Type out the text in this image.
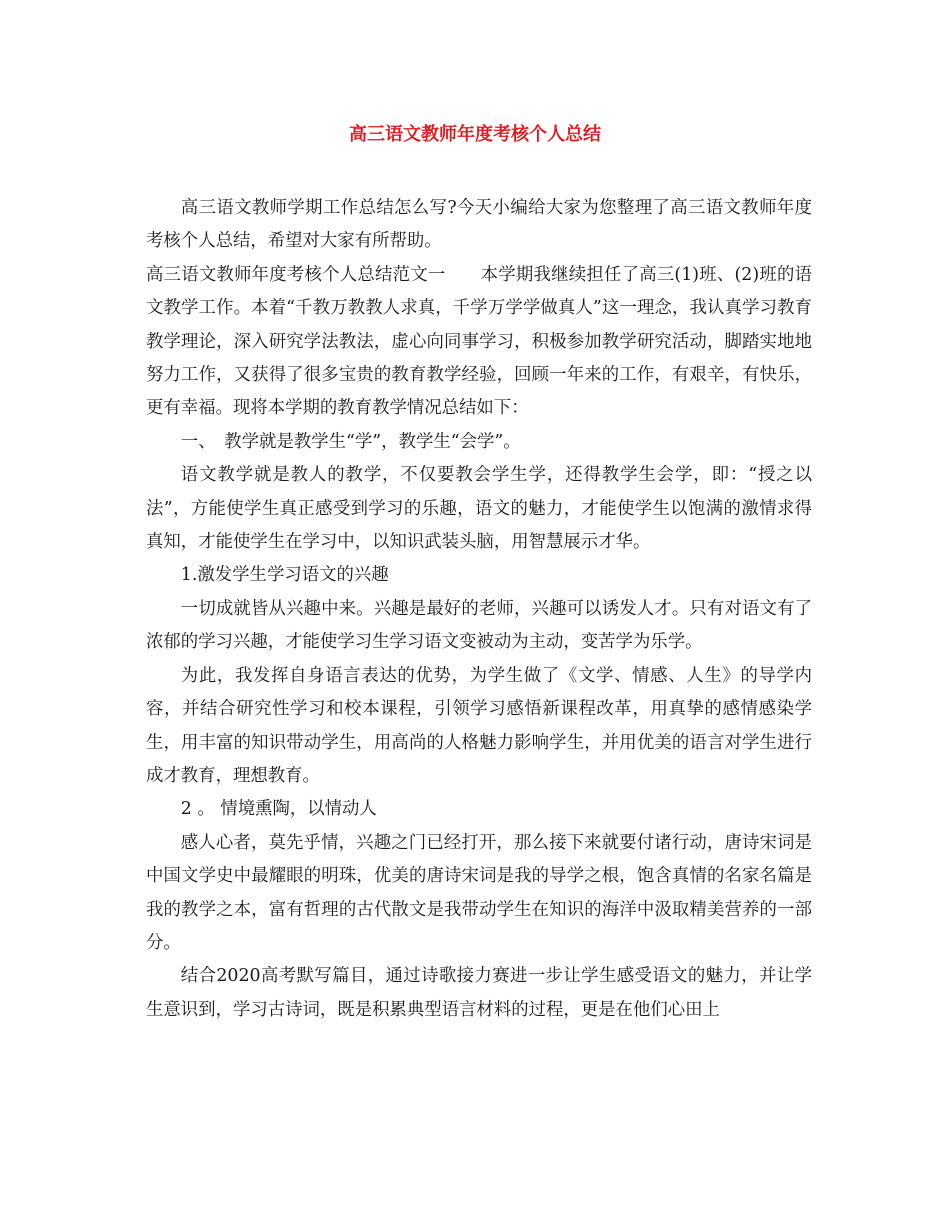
高三语文教师年度考核个人总结

高三语文教师学期工作总结怎么写?今天小编给大家为您整理了高三语文教师年度考核个人总结，希望对大家有所帮助。

高三语文教师年度考核个人总结范文一　　本学期我继续担任了高三(1)班、(2)班的语文教学工作。本着“千教万教教人求真，千学万学学做真人”这一理念，我认真学习教育教学理论，深入研究学法教法，虚心向同事学习，积极参加教学研究活动，脚踏实地地努力工作，又获得了很多宝贵的教育教学经验，回顾一年来的工作，有艰辛，有快乐，更有幸福。现将本学期的教育教学情况总结如下：

一、　教学就是教学生“学”，教学生“会学”。

语文教学就是教人的教学，不仅要教会学生学，还得教学生会学，即：“授之以法”，方能使学生真正感受到学习的乐趣，语文的魅力，才能使学生以饱满的激情求得真知，才能使学生在学习中，以知识武装头脑，用智慧展示才华。

1.激发学生学习语文的兴趣

一切成就皆从兴趣中来。兴趣是最好的老师，兴趣可以诱发人才。只有对语文有了浓郁的学习兴趣，才能使学习生学习语文变被动为主动，变苦学为乐学。

为此，我发挥自身语言表达的优势，为学生做了《文学、情感、人生》的导学内容，并结合研究性学习和校本课程，引领学习感悟新课程改革，用真挚的感情感染学生，用丰富的知识带动学生，用高尚的人格魅力影响学生，并用优美的语言对学生进行成才教育，理想教育。

2 。 情境熏陶，以情动人

感人心者，莫先乎情，兴趣之门已经打开，那么接下来就要付诸行动，唐诗宋词是中国文学史中最耀眼的明珠，优美的唐诗宋词是我的导学之根，饱含真情的名家名篇是我的教学之本，富有哲理的古代散文是我带动学生在知识的海洋中汲取精美营养的一部分。

结合2020高考默写篇目，通过诗歌接力赛进一步让学生感受语文的魅力，并让学生意识到，学习古诗词，既是积累典型语言材料的过程，更是在他们心田上
